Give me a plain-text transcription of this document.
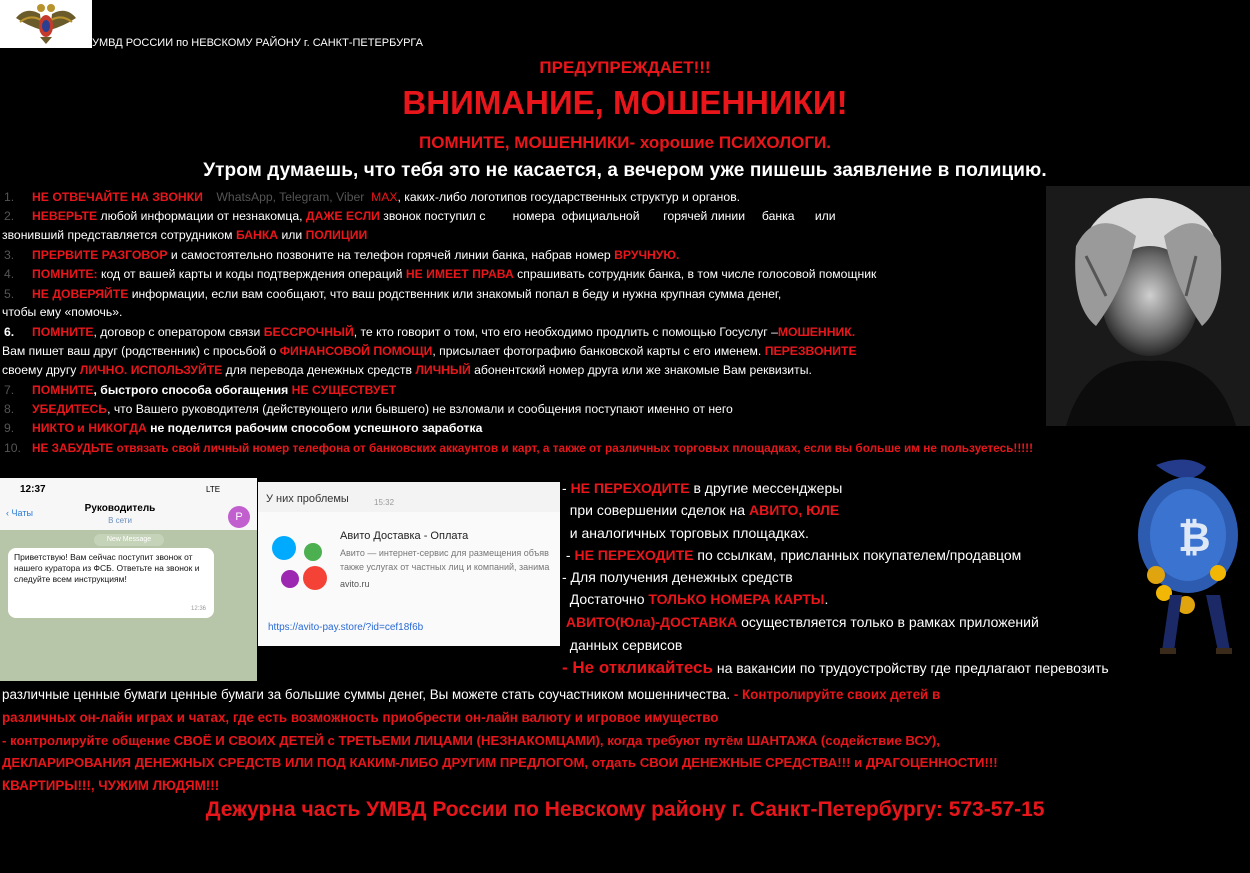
УМВД РОССИИ по НЕВСКОМУ РАЙОНУ г. САНКТ-ПЕТЕРБУРГА
ПРЕДУПРЕЖДАЕТ!!!
ВНИМАНИЕ, МОШЕННИКИ!
ПОМНИТЕ, МОШЕННИКИ- хорошие ПСИХОЛОГИ.
Утром думаешь, что тебя это не касается, а вечером уже пишешь заявление в полицию.
1. НЕ ОТВЕЧАЙТЕ НА ЗВОНКИ WhatsApp, Telegram, Viber MAX, каких-либо логотипов государственных структур и органов.
2. НЕВЕРЬТЕ любой информации от незнакомца, ДАЖЕ ЕСЛИ звонок поступил с        номера  официальной       горячей линии     банка      или
звонивший представляется сотрудником БАНКА или ПОЛИЦИИ
3. ПРЕРВИТЕ РАЗГОВОР и самостоятельно позвоните на телефон горячей линии банка, набрав номер ВРУЧНУЮ.
4. ПОМНИТЕ: код от вашей карты и коды подтверждения операций НЕ ИМЕЕТ ПРАВА спрашивать сотрудник банка, в том числе голосовой помощник
5. НЕ ДОВЕРЯЙТЕ информации, если вам сообщают, что ваш родственник или знакомый попал в беду и нужна крупная сумма денег,
чтобы ему «помочь».
6. ПОМНИТЕ, договор с оператором связи БЕССРОЧНЫЙ, те кто говорит о том, что его необходимо продлить с помощью Госуслуг –МОШЕННИК.
Вам пишет ваш друг (родственник) с просьбой о ФИНАНСОВОЙ ПОМОЩИ, присылает фотографию банковской карты с его именем. ПЕРЕЗВОНИТЕ
своему другу ЛИЧНО. ИСПОЛЬЗУЙТЕ для перевода денежных средств ЛИЧНЫЙ абонентский номер друга или же знакомые Вам реквизиты.
7. ПОМНИТЕ, быстрого способа обогащения НЕ СУЩЕСТВУЕТ
8. УБЕДИТЕСЬ, что Вашего руководителя (действующего или бывшего) не взломали и сообщения поступают именно от него
9. НИКТО и НИКОГДА не поделится рабочим способом успешного заработка
10. НЕ ЗАБУДЬТЕ отвязать свой личный номер телефона от банковских аккаунтов и карт, а также от различных торговых площадках, если вы больше им не пользуетесь!!!!!
12:37	LTE
‹ Чаты	Руководитель
В сети	Р
New Message
Приветствую! Вам сейчас поступит звонок от нашего куратора из ФСБ. Ответьте на звонок и следуйте всем инструкциям!
12:36
У них проблемы	15:32
Авито Доставка - Оплата
Авито — интернет-сервис для размещения объяв
также услугах от частных лиц и компаний, занима
avito.ru
https://avito-pay.store/?id=cef18f6b
- НЕ ПЕРЕХОДИТЕ в другие мессенджеры
при совершении сделок на АВИТО, ЮЛЕ
и аналогичных торговых площадках.
- НЕ ПЕРЕХОДИТЕ по ссылкам, присланных покупателем/продавцом
- Для получения денежных средств
Достаточно ТОЛЬКО НОМЕРА КАРТЫ.
АВИТО(Юла)-ДОСТАВКА осуществляется только в рамках приложений
данных сервисов
- Не откликайтесь на вакансии по трудоустройству где предлагают перевозить
₿
различные ценные бумаги ценные бумаги за большие суммы денег, Вы можете стать соучастником мошенничества. - Контролируйте своих детей в
различных он-лайн играх и чатах, где есть возможность приобрести он-лайн валюту и игровое имущество
- контролируйте общение СВОЁ И СВОИХ ДЕТЕЙ с ТРЕТЬЕМИ ЛИЦАМИ (НЕЗНАКОМЦАМИ), когда требуют путём ШАНТАЖА (содействие ВСУ),
ДЕКЛАРИРОВАНИЯ ДЕНЕЖНЫХ СРЕДСТВ ИЛИ ПОД КАКИМ-ЛИБО ДРУГИМ ПРЕДЛОГОМ, отдать СВОИ ДЕНЕЖНЫЕ СРЕДСТВА!!! и ДРАГОЦЕННОСТИ!!!
КВАРТИРЫ!!!, ЧУЖИМ ЛЮДЯМ!!!
Дежурна часть УМВД России по Невскому району г. Санкт-Петербургу: 573-57-15
